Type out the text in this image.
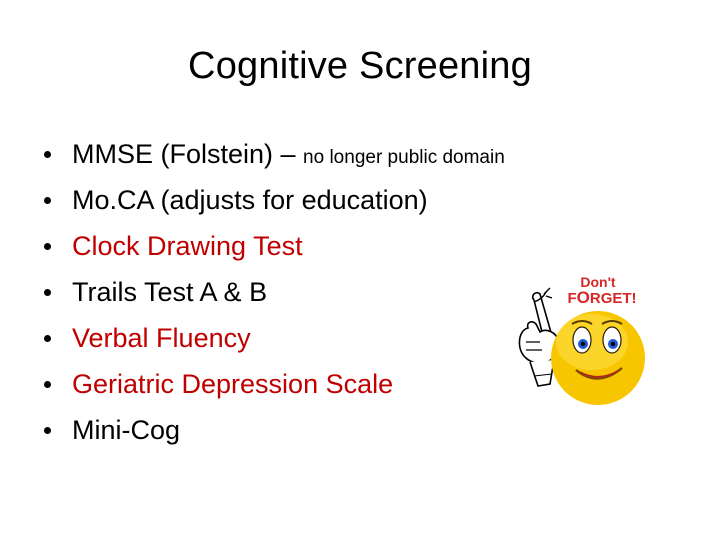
Cognitive Screening
MMSE (Folstein) – no longer public domain
Mo.CA (adjusts for education)
Clock Drawing Test
Trails Test A & B
Verbal Fluency
Geriatric Depression Scale
Mini-Cog
Don't
FORGET!
